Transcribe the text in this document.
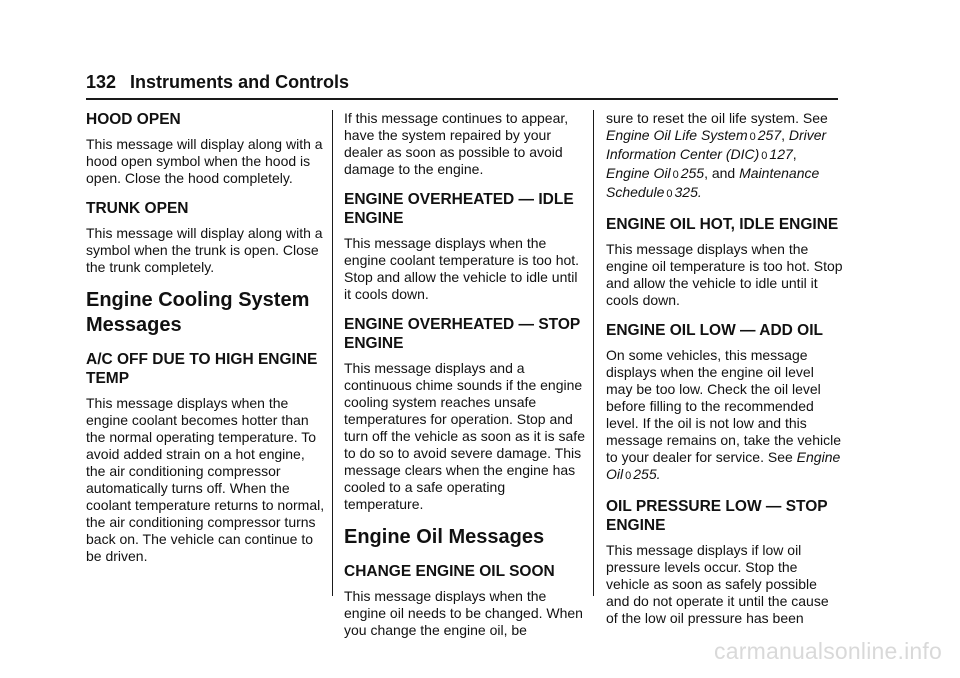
132 Instruments and Controls
HOOD OPEN

This message will display along with a hood open symbol when the hood is open. Close the hood completely.

TRUNK OPEN

This message will display along with a symbol when the trunk is open. Close the trunk completely.

Engine Cooling System Messages
A/C OFF DUE TO HIGH ENGINE TEMP

This message displays when the engine coolant becomes hotter than the normal operating temperature. To avoid added strain on a hot engine, the air conditioning compressor automatically turns off. When the coolant temperature returns to normal, the air conditioning compressor turns back on. The vehicle can continue to be driven.

If this message continues to appear, have the system repaired by your dealer as soon as possible to avoid damage to the engine.

ENGINE OVERHEATED — IDLE ENGINE

This message displays when the engine coolant temperature is too hot. Stop and allow the vehicle to idle until it cools down.

ENGINE OVERHEATED — STOP ENGINE

This message displays and a continuous chime sounds if the engine cooling system reaches unsafe temperatures for operation. Stop and turn off the vehicle as soon as it is safe to do so to avoid severe damage. This message clears when the engine has cooled to a safe operating temperature.

Engine Oil Messages
CHANGE ENGINE OIL SOON

This message displays when the engine oil needs to be changed. When you change the engine oil, be

sure to reset the oil life system. See Engine Oil Life System 0 257, Driver Information Center (DIC) 0 127, Engine Oil 0 255, and Maintenance Schedule 0 325.

ENGINE OIL HOT, IDLE ENGINE

This message displays when the engine oil temperature is too hot. Stop and allow the vehicle to idle until it cools down.

ENGINE OIL LOW — ADD OIL

On some vehicles, this message displays when the engine oil level may be too low. Check the oil level before filling to the recommended level. If the oil is not low and this message remains on, take the vehicle to your dealer for service. See Engine Oil 0 255.

OIL PRESSURE LOW — STOP ENGINE

This message displays if low oil pressure levels occur. Stop the vehicle as soon as safely possible and do not operate it until the cause of the low oil pressure has been

carmanualsonline.info
